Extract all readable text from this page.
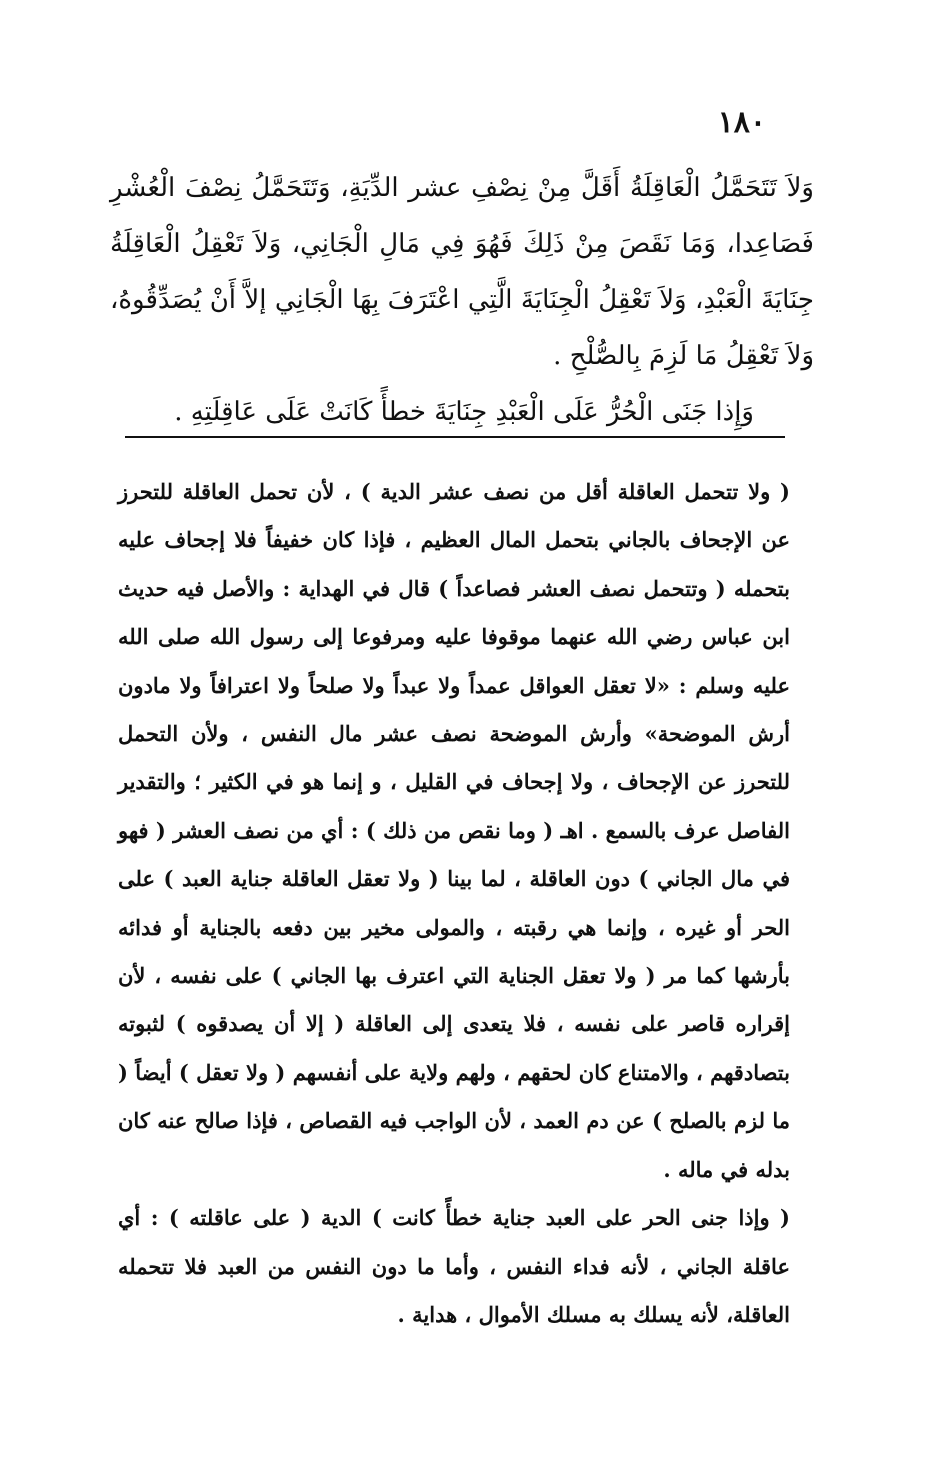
١٨٠

وَلاَ تَتَحَمَّلُ الْعَاقِلَةُ أَقَلَّ مِنْ نِصْفِ عشر الدِّيَةِ، وَتَتَحَمَّلُ نِصْفَ الْعُشْرِ فَصَاعِدا، وَمَا نَقَصَ مِنْ ذَلِكَ فَهُوَ فِي مَالِ الْجَانِي، وَلاَ تَعْقِلُ الْعَاقِلَةُ جِنَايَةَ الْعَبْدِ، وَلاَ تَعْقِلُ الْجِنَايَةَ الَّتِي اعْتَرَفَ بِهَا الْجَانِي إلاَّ أَنْ يُصَدِّقُوهُ، وَلاَ تَعْقِلُ مَا لَزِمَ بِالصُّلْحِ .

وَإِذا جَنَى الْحُرُّ عَلَى الْعَبْدِ جِنَايَةَ خطأً كَانَتْ عَلَى عَاقِلَتِهِ .

( ولا تتحمل العاقلة أقل من نصف عشر الدية ) ، لأن تحمل العاقلة للتحرز عن الإجحاف بالجاني بتحمل المال العظيم ، فإذا كان خفيفاً فلا إجحاف عليه بتحمله ( وتتحمل نصف العشر فصاعداً ) قال في الهداية : والأصل فيه حديث ابن عباس رضي الله عنهما موقوفا عليه ومرفوعا إلى رسول الله صلى الله عليه وسلم : «لا تعقل العواقل عمداً ولا عبداً ولا صلحاً ولا اعترافاً ولا مادون أرش الموضحة» وأرش الموضحة نصف عشر مال النفس ، ولأن التحمل للتحرز عن الإجحاف ، ولا إجحاف في القليل ، و إنما هو في الكثير ؛ والتقدير الفاصل عرف بالسمع . اهـ ( وما نقص من ذلك ) : أي من نصف العشر ( فهو في مال الجاني ) دون العاقلة ، لما بينا ( ولا تعقل العاقلة جناية العبد ) على الحر أو غيره ، وإنما هي رقبته ، والمولى مخير بين دفعه بالجناية أو فدائه بأرشها كما مر ( ولا تعقل الجناية التي اعترف بها الجاني ) على نفسه ، لأن إقراره قاصر على نفسه ، فلا يتعدى إلى العاقلة ( إلا أن يصدقوه ) لثبوته بتصادقهم ، والامتناع كان لحقهم ، ولهم ولاية على أنفسهم ( ولا تعقل ) أيضاً ( ما لزم بالصلح ) عن دم العمد ، لأن الواجب فيه القصاص ، فإذا صالح عنه كان بدله في ماله .

( وإذا جنى الحر على العبد جناية خطأً كانت ) الدية ( على عاقلته ) : أي عاقلة الجاني ، لأنه فداء النفس ، وأما ما دون النفس من العبد فلا تتحمله العاقلة، لأنه يسلك به مسلك الأموال ، هداية .
